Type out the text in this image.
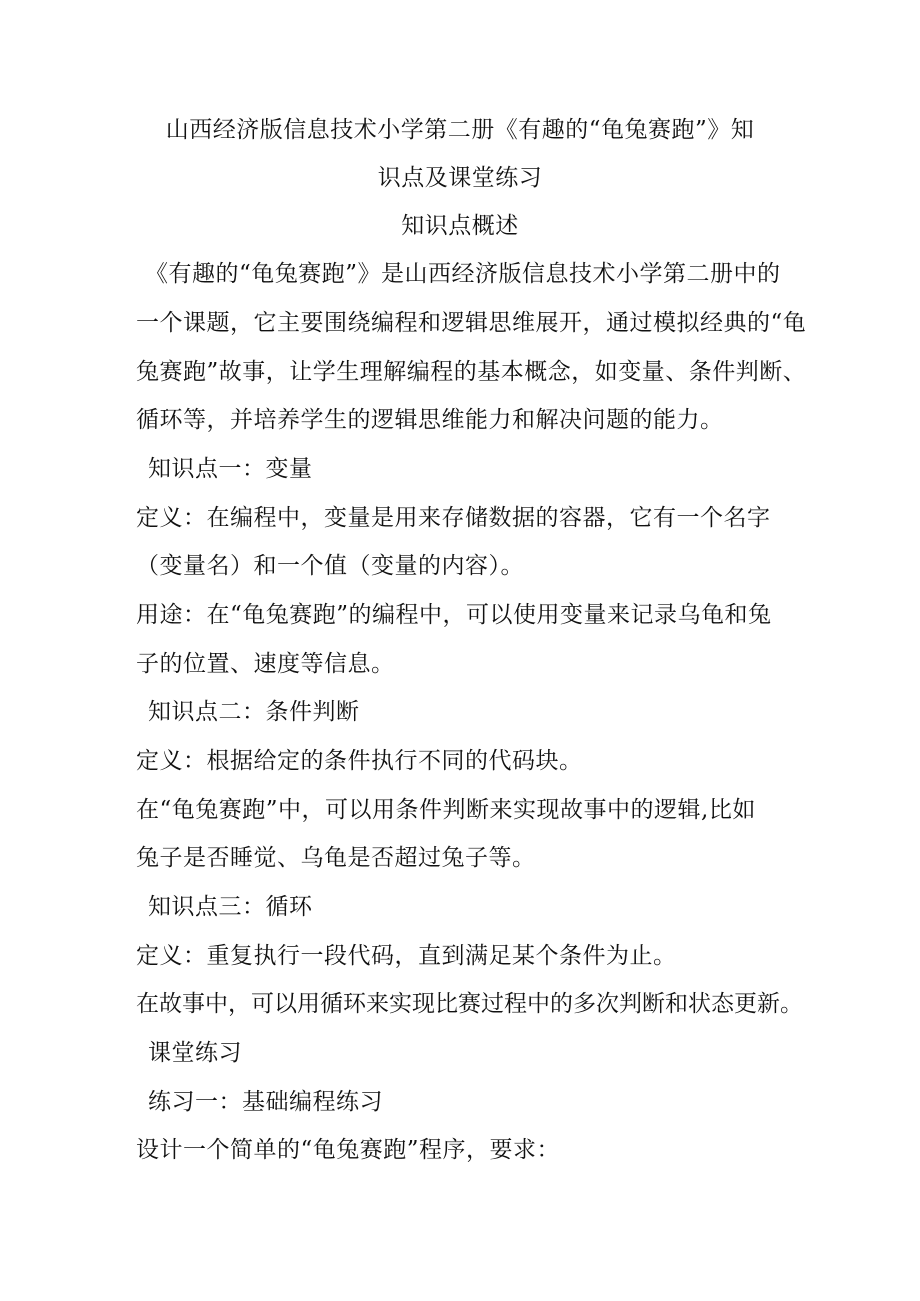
山西经济版信息技术小学第二册《有趣的“龟兔赛跑”》知
识点及课堂练习
知识点概述
《有趣的“龟兔赛跑”》是山西经济版信息技术小学第二册中的
一个课题，它主要围绕编程和逻辑思维展开，通过模拟经典的“龟
兔赛跑”故事，让学生理解编程的基本概念，如变量、条件判断、
循环等，并培养学生的逻辑思维能力和解决问题的能力。
知识点一：变量
定义：在编程中，变量是用来存储数据的容器，它有一个名字
（变量名）和一个值（变量的内容）。
用途：在“龟兔赛跑”的编程中，可以使用变量来记录乌龟和兔
子的位置、速度等信息。
知识点二：条件判断
定义：根据给定的条件执行不同的代码块。
在“龟兔赛跑”中，可以用条件判断来实现故事中的逻辑,比如
兔子是否睡觉、乌龟是否超过兔子等。
知识点三：循环
定义：重复执行一段代码，直到满足某个条件为止。
在故事中，可以用循环来实现比赛过程中的多次判断和状态更新。
课堂练习
练习一：基础编程练习
设计一个简单的“龟兔赛跑”程序，要求：
